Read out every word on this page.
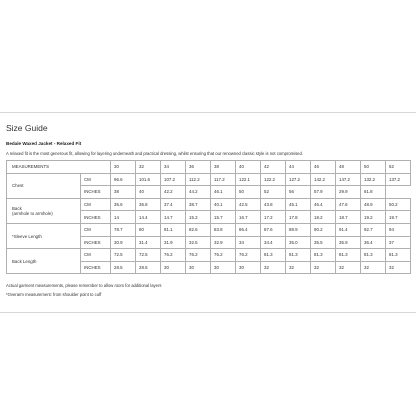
Size Guide
Bedale Waxed Jacket - Relaxed Fit
A relaxed fit is the most generous fit, allowing for layering underneath and practical dressing, whilst ensuring that our renowned classic style is not compromised.
MEASUREMENTS		30	32	34	36	38	40	42	44	46	48	50	52
Chest	CM	96.6	101.6	107.2	112.2	117.2	122.1	122.2	127.2	142.2	147.2	132.2	137.2
	INCHES	38	40	42.2	44.2	46.1	50	52	56	57.9	29.9	61.8	
Back
(armhole to armhole)	CM	35.6	36.8	37.4	38.7	40.1	42.5	43.8	45.1	46.4	47.6	48.9	50.2
	INCHES	14	14.4	14.7	15.2	15.7	16.7	17.2	17.8	18.2	18.7	19.2	19.7
*Sleeve Length	CM	78.7	80	81.1	82.6	83.8	86.4	87.6	88.9	90.2	91.4	92.7	94
	INCHES	30.9	31.4	31.9	32.5	32.9	34	34.4	35.0	35.5	35.9	36.4	37
Back Length	CM	72.5	72.5	76.2	76.2	76.2	76.2	81.3	81.3	81.3	81.3	81.3	81.3
	INCHES	28.5	28.5	30	30	30	30	32	32	32	32	32	32
Actual garment measurements, please remember to allow room for additional layers
*Overarm measurement: from shoulder point to cuff
